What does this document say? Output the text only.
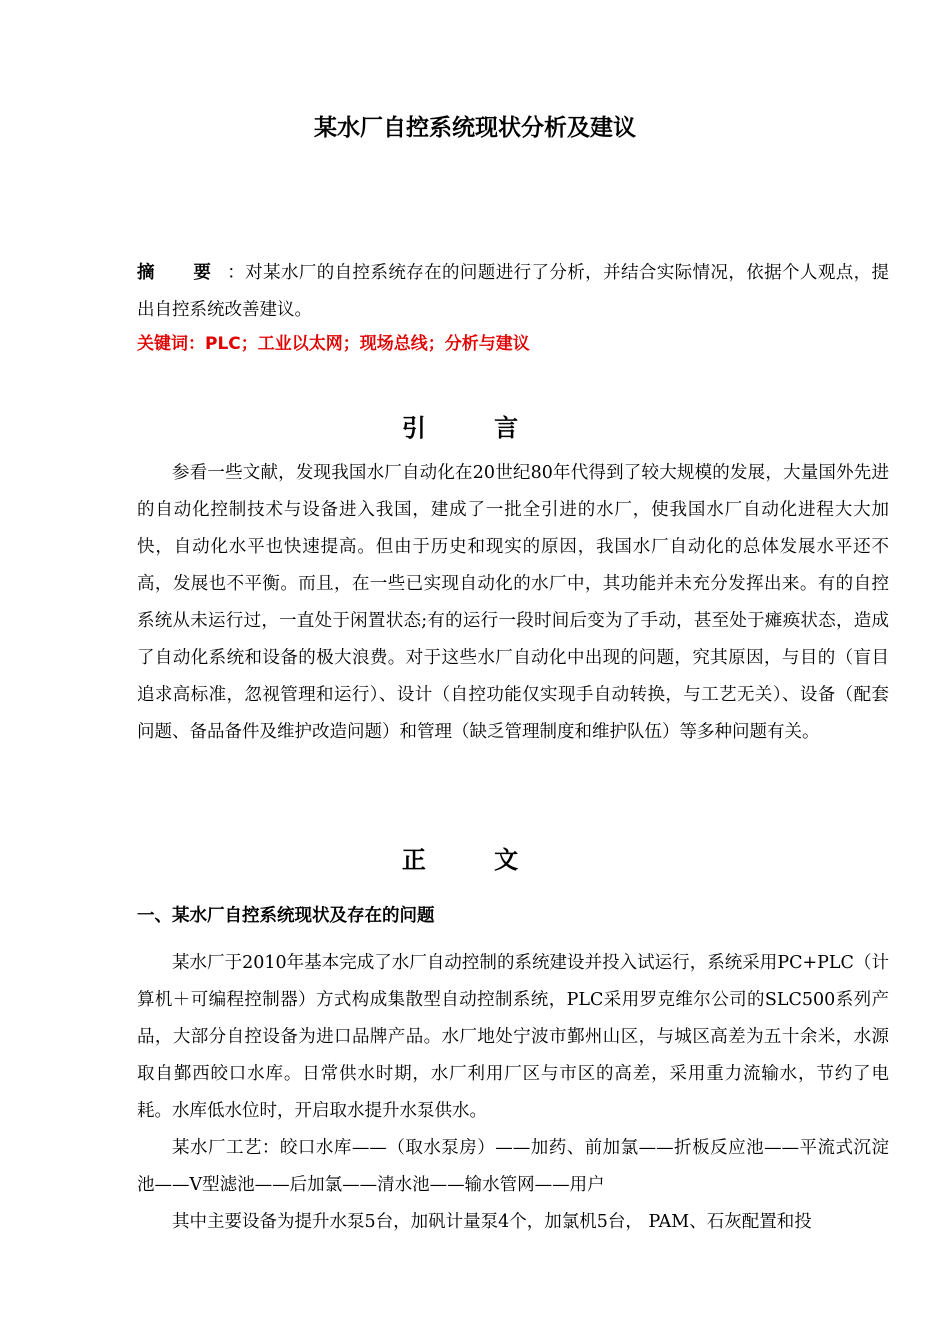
某水厂自控系统现状分析及建议

摘 要：对某水厂的自控系统存在的问题进行了分析，并结合实际情况，依据个人观点，提出自控系统改善建议。

关键词：PLC；工业以太网；现场总线；分析与建议

引 言

参看一些文献，发现我国水厂自动化在20世纪80年代得到了较大规模的发展，大量国外先进的自动化控制技术与设备进入我国，建成了一批全引进的水厂，使我国水厂自动化进程大大加快，自动化水平也快速提高。但由于历史和现实的原因，我国水厂自动化的总体发展水平还不高，发展也不平衡。而且，在一些已实现自动化的水厂中，其功能并未充分发挥出来。有的自控系统从未运行过，一直处于闲置状态;有的运行一段时间后变为了手动，甚至处于瘫痪状态，造成了自动化系统和设备的极大浪费。对于这些水厂自动化中出现的问题，究其原因，与目的（盲目追求高标准，忽视管理和运行）、设计（自控功能仅实现手自动转换，与工艺无关）、设备（配套问题、备品备件及维护改造问题）和管理（缺乏管理制度和维护队伍）等多种问题有关。

正 文
一、某水厂自控系统现状及存在的问题

某水厂于2010年基本完成了水厂自动控制的系统建设并投入试运行，系统采用PC+PLC（计算机＋可编程控制器）方式构成集散型自动控制系统，PLC采用罗克维尔公司的SLC500系列产品，大部分自控设备为进口品牌产品。水厂地处宁波市鄞州山区，与城区高差为五十余米，水源取自鄞西皎口水库。日常供水时期，水厂利用厂区与市区的高差，采用重力流输水，节约了电耗。水库低水位时，开启取水提升水泵供水。

某水厂工艺：皎口水库——（取水泵房）——加药、前加氯——折板反应池——平流式沉淀池——V型滤池——后加氯——清水池——输水管网——用户

其中主要设备为提升水泵5台，加矾计量泵4个，加氯机5台， PAM、石灰配置和投
